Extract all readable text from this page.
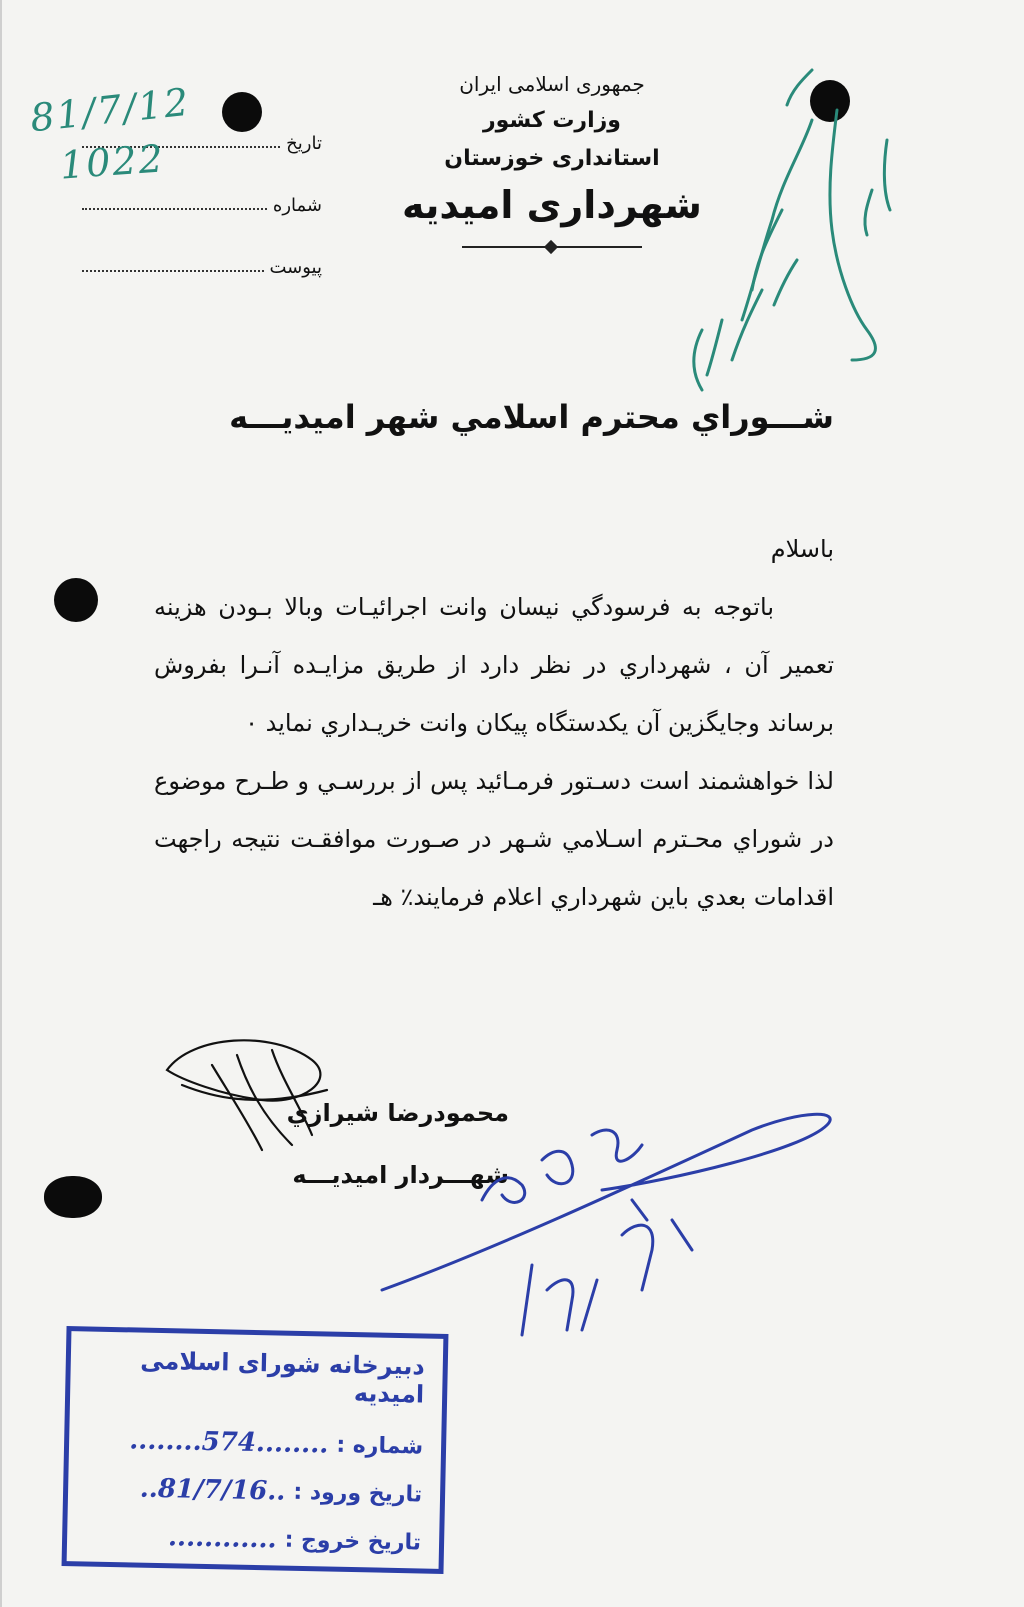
جمهوری اسلامی ایران

وزارت کشور

استانداری خوزستان

شهرداری امیدیه

تاریخ
شماره
پیوست
81/7/12
1022
شـــوراي محترم اسلامي شهر اميديـــه

باسلام

باتوجه به فرسودگي نيسان وانت اجرائيـات وبالا بـودن هزينه تعمير آن ، شهرداري در نظر دارد از طريق مزايـده آنـرا بفروش برساند وجايگزين آن يكدستگاه پيكان وانت خريـداري نمايد ٠

لذا خواهشمند است دسـتور فرمـائيد پس از بررسـي و طـرح موضوع در شوراي محـترم اسـلامي شـهر در صـورت موافقـت نتيجه راجهت اقدامات بعدي باين شهرداري اعلام فرمايند٪ هـ

محمودرضا شيرازي
شهـــردار اميديـــه
دبیرخانه شورای اسلامی امیدیه
شماره :
........574........
تاریخ ورود :
..81/7/16..
تاریخ خروج :
............
